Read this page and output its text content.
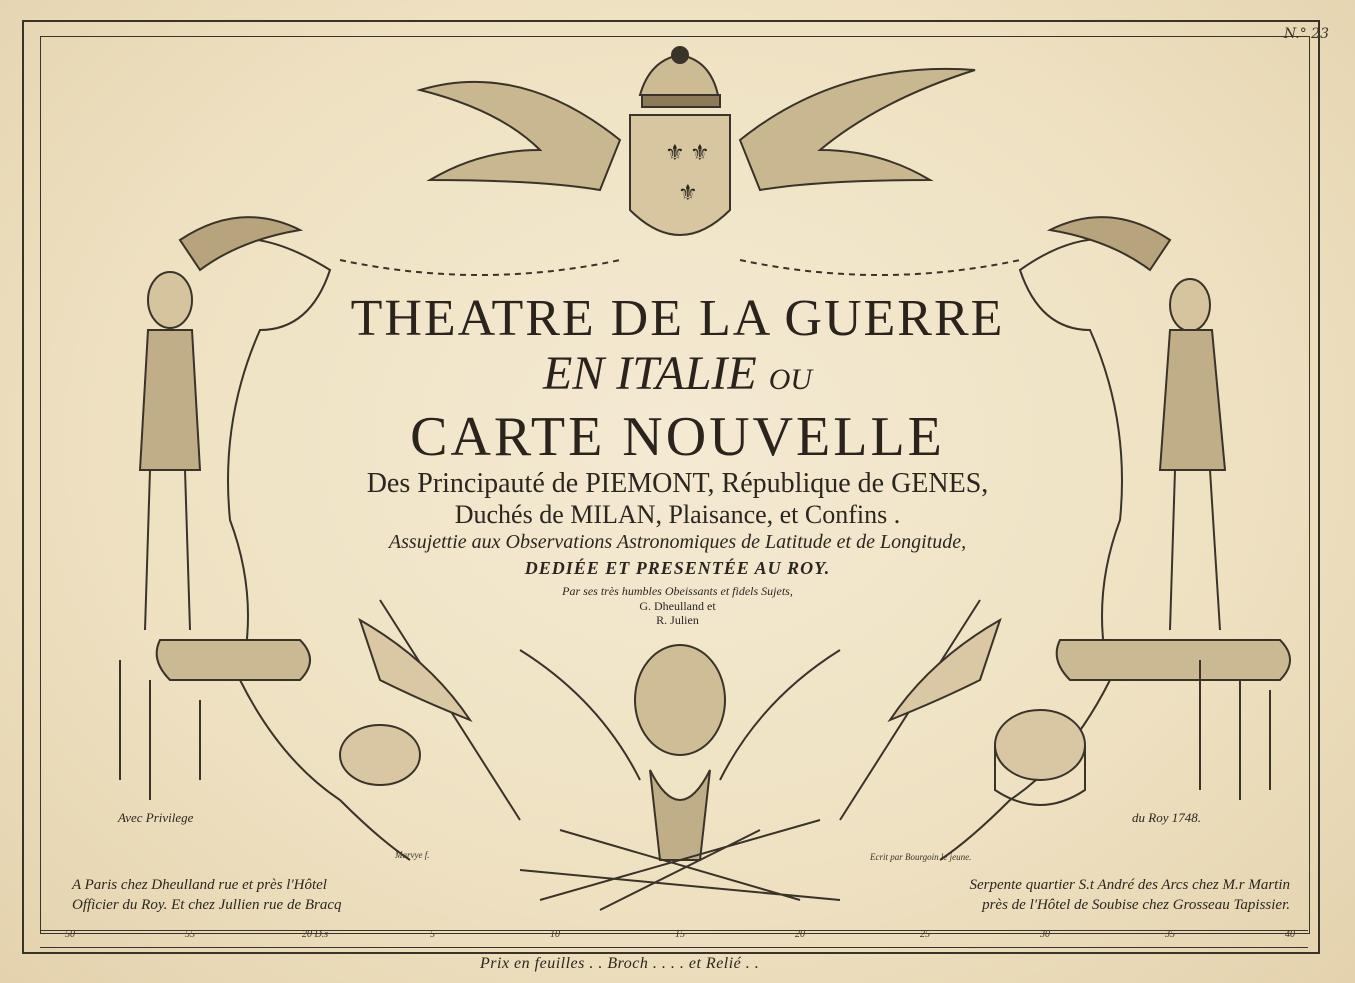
N.° 23
⚜ ⚜
⚜

THEATRE DE LA GUERRE

EN ITALIE OU

CARTE NOUVELLE

Des Principauté de PIEMONT, République de GENES,

Duchés de MILAN, Plaisance, et Confins .

Assujettie aux Observations Astronomiques de Latitude et de Longitude,

DEDIÉE ET PRESENTÉE AU ROY.

Par ses très humbles Obeissants et fidels Sujets,

G. Dheulland et

R. Julien

Avec Privilege	du Roy 1748.
Marvye f.	Ecrit par Bourgoin le jeune.
A Paris chez Dheulland rue et près l'Hôtel
Officier du Roy. Et chez Jullien rue de Bracq
Serpente quartier S.t André des Arcs chez M.r Martin
près de l'Hôtel de Soubise chez Grosseau Tapissier.
50	55	20 D.s	5	10	15	20	25	30	35	40
Prix en feuilles . . Broch . . . . et Relié . .
